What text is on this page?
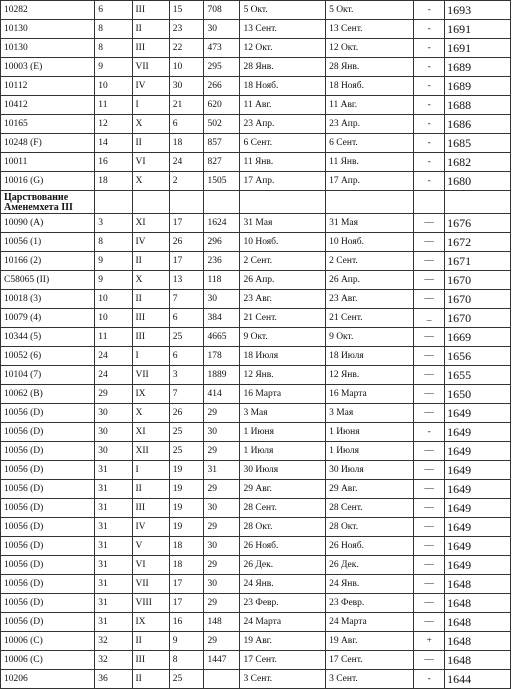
10282	6	III	15	708	5 Окт.	5 Окт.	-	1693
10130	8	II	23	30	13 Сент.	13 Сент.	-	1691
10130	8	III	22	473	12 Окт.	12 Окт.	-	1691
10003 (E)	9	VII	10	295	28 Янв.	28 Янв.	-	1689
10112	10	IV	30	266	18 Нояб.	18 Нояб.	-	1689
10412	11	I	21	620	11 Авг.	11 Авг.	-	1688
10165	12	X	6	502	23 Апр.	23 Апр.	-	1686
10248 (F)	14	II	18	857	6 Сент.	6 Сент.	-	1685
10011	16	VI	24	827	11 Янв.	11 Янв.	-	1682
10016 (G)	18	X	2	1505	17 Апр.	17 Апр.	-	1680
Царствование Аменемхета III								
10090 (A)	3	XI	17	1624	31 Мая	31 Мая	—	1676
10056 (1)	8	IV	26	296	10 Нояб.	10 Нояб.	—	1672
10166 (2)	9	II	17	236	2 Сент.	2 Сент.	—	1671
С58065 (II)	9	X	13	118	26 Апр.	26 Апр.	—	1670
10018 (3)	10	II	7	30	23 Авг.	23 Авг.	—	1670
10079 (4)	10	III	6	384	21 Сент.	21 Сент.	_	1670
10344 (5)	11	III	25	4665	9 Окт.	9 Окт.	—	1669
10052 (6)	24	I	6	178	18 Июля	18 Июля	—	1656
10104 (7)	24	VII	3	1889	12 Янв.	12 Янв.	—	1655
10062 (B)	29	IX	7	414	16 Марта	16 Марта	—	1650
10056 (D)	30	X	26	29	3 Мая	3 Мая	—	1649
10056 (D)	30	XI	25	30	1 Июня	1 Июня	-	1649
10056 (D)	30	XII	25	29	1 Июля	1 Июля	—	1649
10056 (D)	31	I	19	31	30 Июля	30 Июля	—	1649
10056 (D)	31	II	19	29	29 Авг.	29 Авг.	—	1649
10056 (D)	31	III	19	30	28 Сент.	28 Сент.	—	1649
10056 (D)	31	IV	19	29	28 Окт.	28 Окт.	—	1649
10056 (D)	31	V	18	30	26 Нояб.	26 Нояб.	—	1649
10056 (D)	31	VI	18	29	26 Дек.	26 Дек.	—	1649
10056 (D)	31	VII	17	30	24 Янв.	24 Янв.	—	1648
10056 (D)	31	VIII	17	29	23 Февр.	23 Февр.	—	1648
10056 (D)	31	IX	16	148	24 Марта	24 Марта	—	1648
10006 (C)	32	II	9	29	19 Авг.	19 Авг.	+	1648
10006 (C)	32	III	8	1447	17 Сент.	17 Сент.	—	1648
10206	36	II	25		3 Сент.	3 Сент.	-	1644
